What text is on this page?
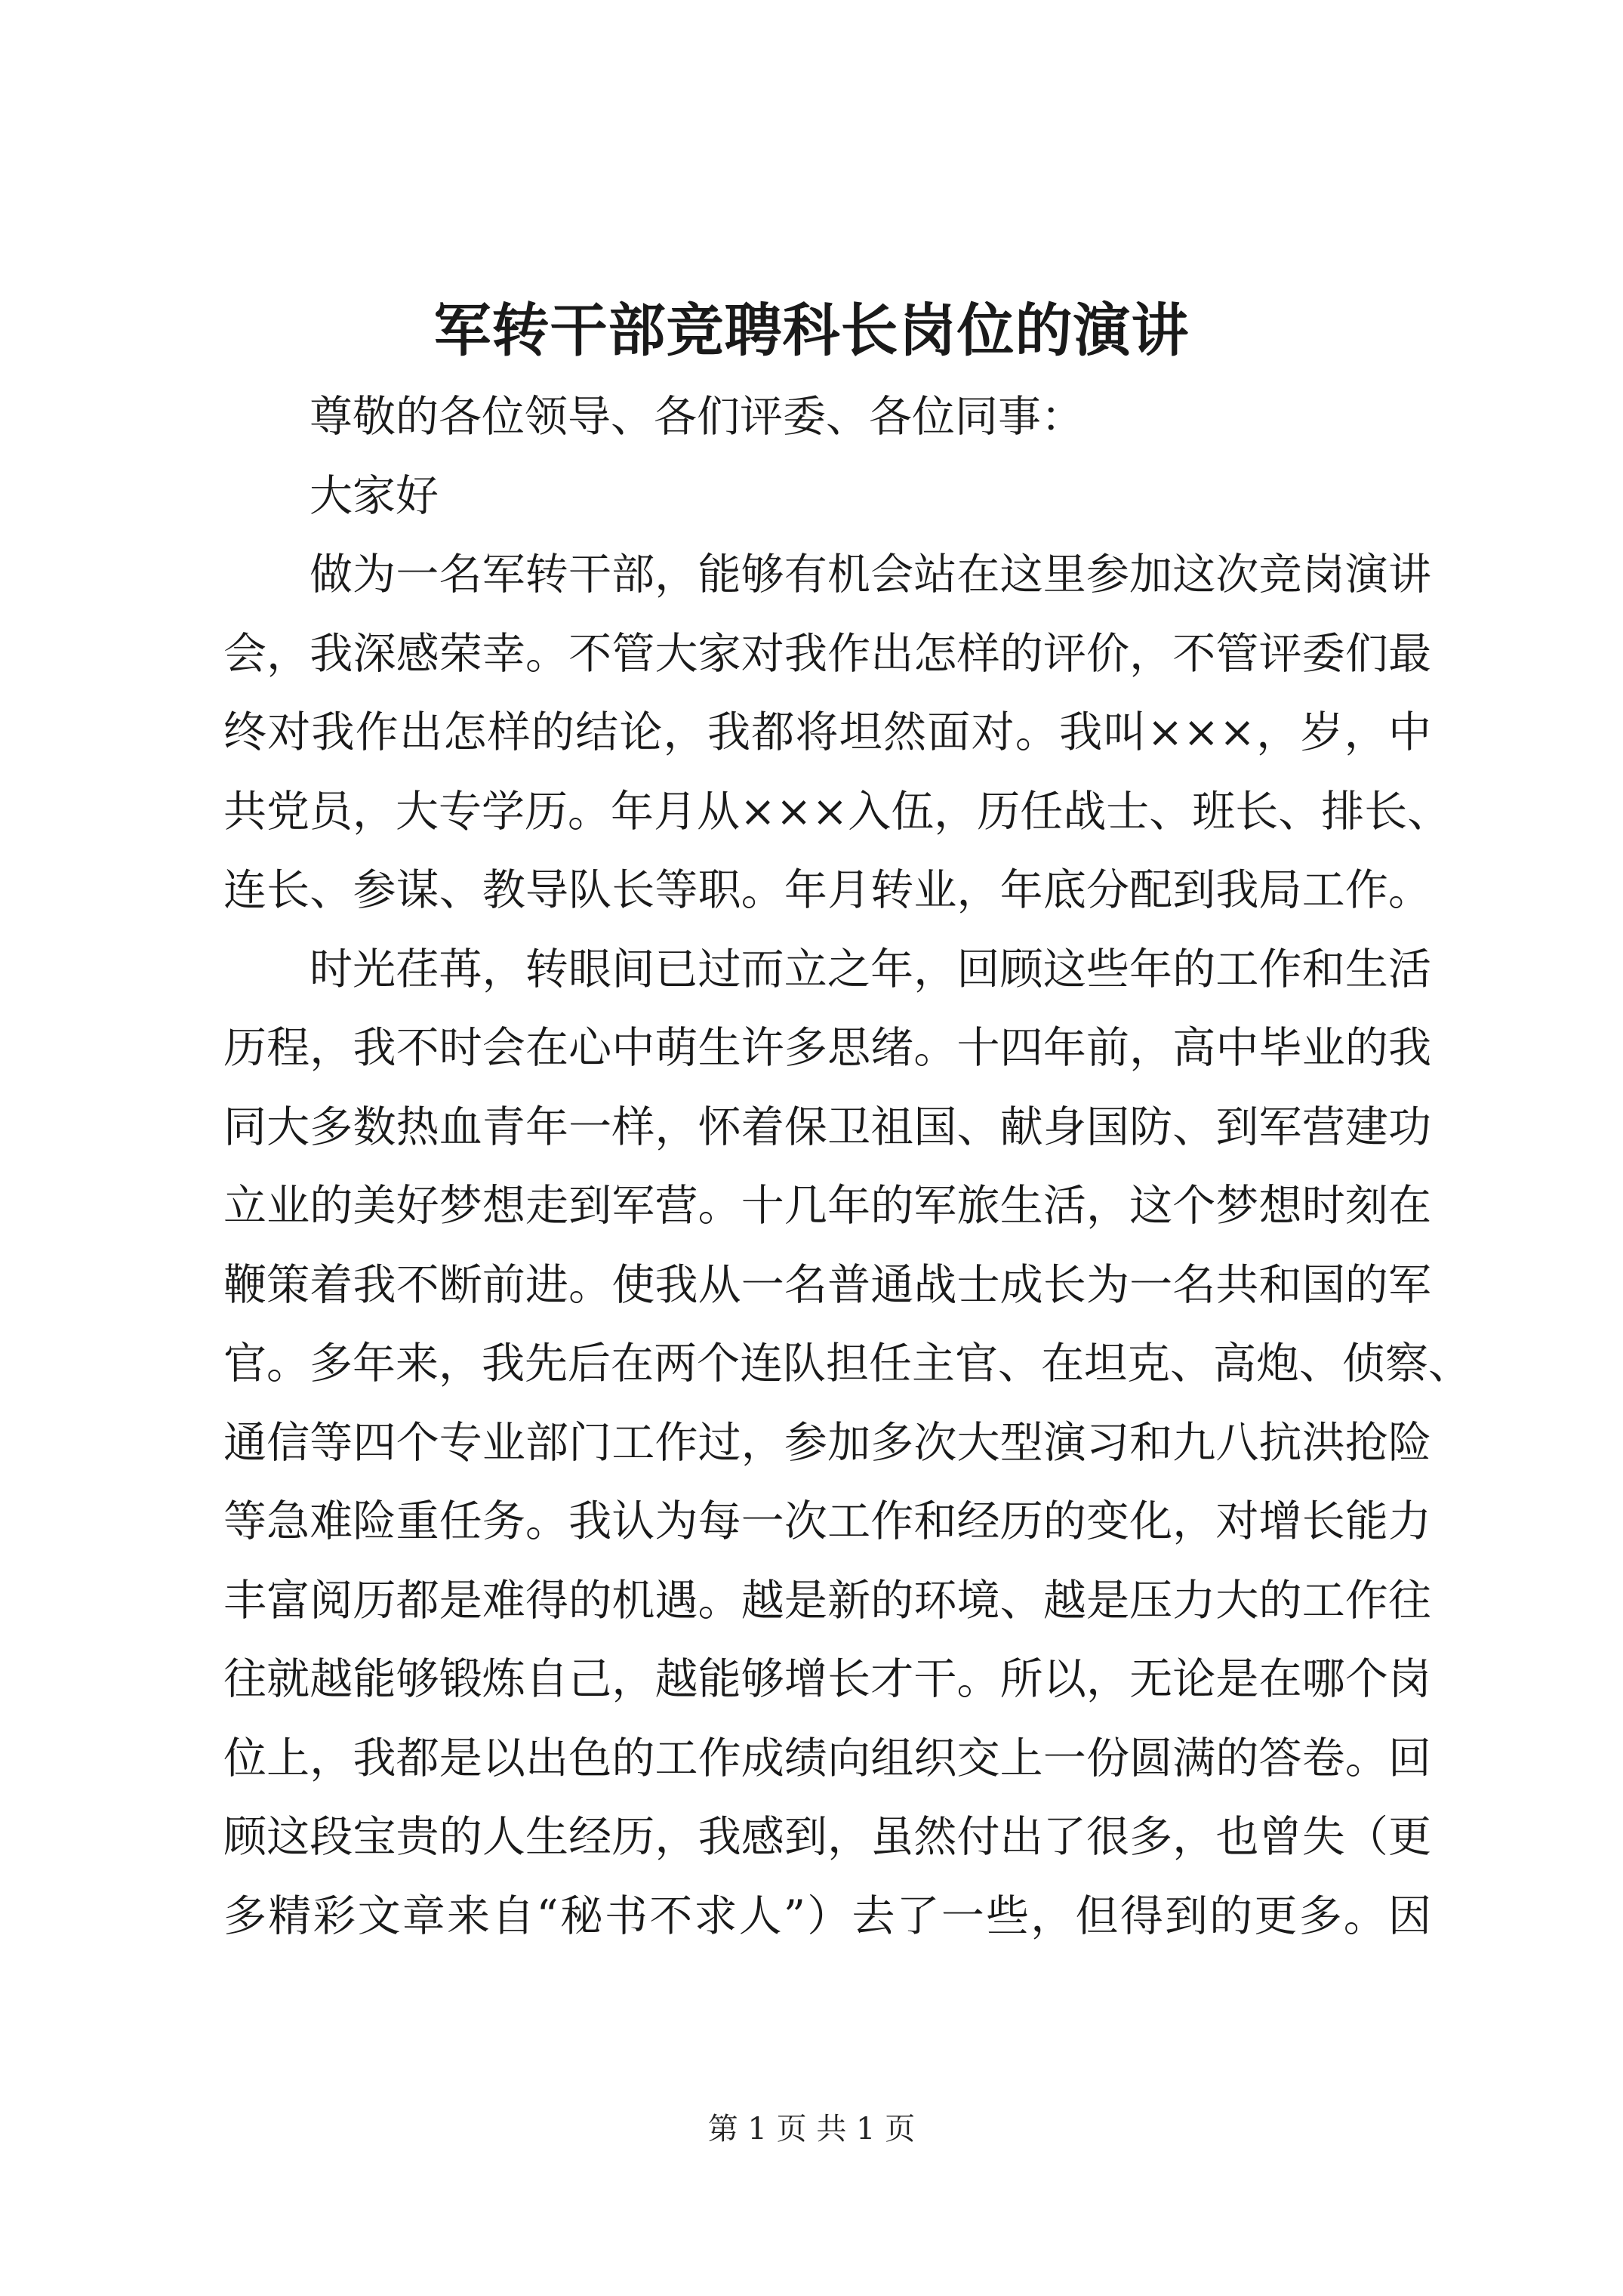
军转干部竞聘科长岗位的演讲
尊敬的各位领导、各们评委、各位同事：
大家好
做为一名军转干部，能够有机会站在这里参加这次竞岗演讲
会，我深感荣幸。不管大家对我作出怎样的评价，不管评委们最
终对我作出怎样的结论，我都将坦然面对。我叫×××，岁，中
共党员，大专学历。年月从×××入伍，历任战士、班长、排长、
连长、参谋、教导队长等职。年月转业，年底分配到我局工作。
时光荏苒，转眼间已过而立之年，回顾这些年的工作和生活
历程，我不时会在心中萌生许多思绪。十四年前，高中毕业的我
同大多数热血青年一样，怀着保卫祖国、献身国防、到军营建功
立业的美好梦想走到军营。十几年的军旅生活，这个梦想时刻在
鞭策着我不断前进。使我从一名普通战士成长为一名共和国的军
官。多年来，我先后在两个连队担任主官、在坦克、高炮、侦察、
通信等四个专业部门工作过，参加多次大型演习和九八抗洪抢险
等急难险重任务。我认为每一次工作和经历的变化，对增长能力
丰富阅历都是难得的机遇。越是新的环境、越是压力大的工作往
往就越能够锻炼自己，越能够增长才干。所以，无论是在哪个岗
位上，我都是以出色的工作成绩向组织交上一份圆满的答卷。回
顾这段宝贵的人生经历，我感到，虽然付出了很多，也曾失（更
多精彩文章来自“秘书不求人”）去了一些，但得到的更多。因
第 1 页 共 1 页
